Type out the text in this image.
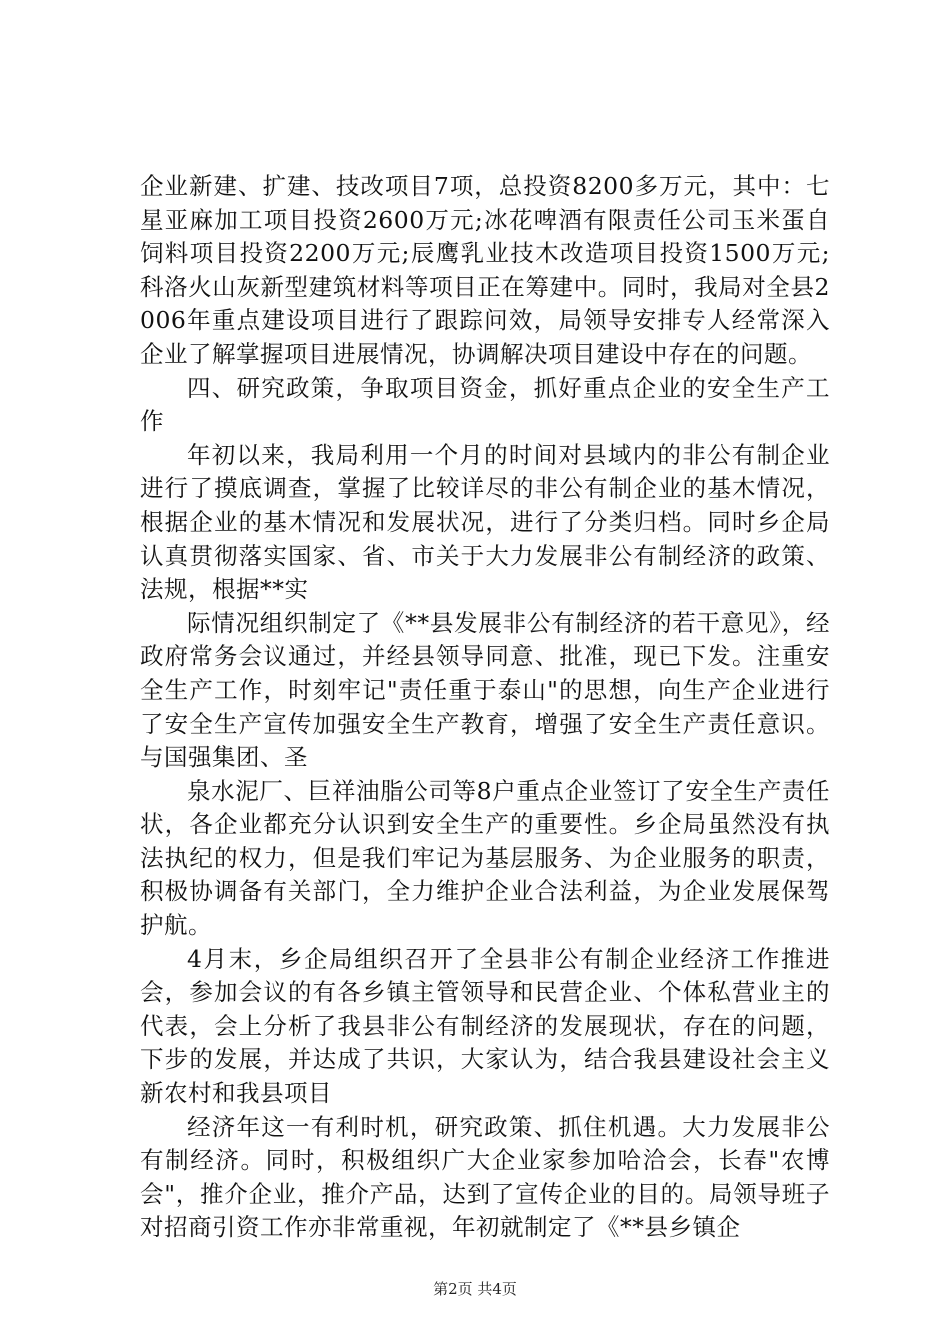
企业新建、扩建、技改项目7项，总投资8200多万元，其中：七星亚麻加工项目投资2600万元;冰花啤酒有限责任公司玉米蛋自饲料项目投资2200万元;辰鹰乳业技木改造项目投资1500万元;科洛火山灰新型建筑材料等项目正在筹建中。同时，我局对全县2006年重点建设项目进行了跟踪问效，局领导安排专人经常深入企业了解掌握项目进展情况，协调解决项目建设中存在的问题。

四、研究政策，争取项目资金，抓好重点企业的安全生产工作

年初以来，我局利用一个月的时间对县域内的非公有制企业进行了摸底调查，掌握了比较详尽的非公有制企业的基木情况，根据企业的基木情况和发展状况，进行了分类归档。同时乡企局认真贯彻落实国家、省、市关于大力发展非公有制经济的政策、法规，根据**实

际情况组织制定了《**县发展非公有制经济的若干意见》，经政府常务会议通过，并经县领导同意、批准，现已下发。注重安全生产工作，时刻牢记"责任重于泰山"的思想，向生产企业进行了安全生产宣传加强安全生产教育，增强了安全生产责任意识。与国强集团、圣

泉水泥厂、巨祥油脂公司等8户重点企业签订了安全生产责任状，各企业都充分认识到安全生产的重要性。乡企局虽然没有执法执纪的权力，但是我们牢记为基层服务、为企业服务的职责，积极协调备有关部门，全力维护企业合法利益，为企业发展保驾护航。

4月末，乡企局组织召开了全县非公有制企业经济工作推进会，参加会议的有各乡镇主管领导和民营企业、个体私营业主的代表，会上分析了我县非公有制经济的发展现状，存在的问题，下步的发展，并达成了共识，大家认为，结合我县建设社会主义新农村和我县项目

经济年这一有利时机，研究政策、抓住机遇。大力发展非公有制经济。同时，积极组织广大企业家参加哈洽会，长春"农博会"，推介企业，推介产品，达到了宣传企业的目的。局领导班子对招商引资工作亦非常重视，年初就制定了《**县乡镇企

第2页 共4页
